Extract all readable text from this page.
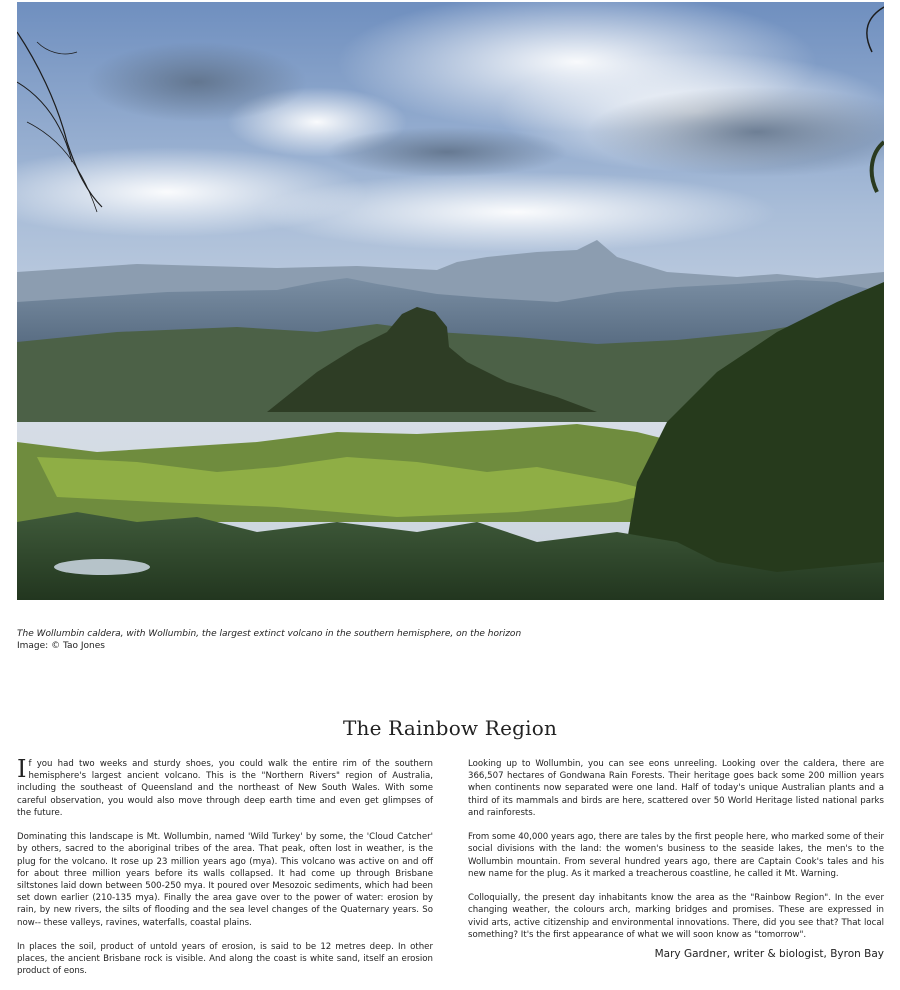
The Wollumbin caldera, with Wollumbin, the largest extinct volcano in the southern hemisphere, on the horizon
Image: © Tao Jones
The Rainbow Region

If you had two weeks and sturdy shoes, you could walk the entire rim of the southern hemisphere's largest ancient volcano. This is the "Northern Rivers" region of Australia, including the southeast of Queensland and the northeast of New South Wales. With some careful observation, you would also move through deep earth time and even get glimpses of the future.

Dominating this landscape is Mt. Wollumbin, named 'Wild Turkey' by some, the 'Cloud Catcher' by others, sacred to the aboriginal tribes of the area. That peak, often lost in weather, is the plug for the volcano. It rose up 23 million years ago (mya). This volcano was active on and off for about three million years before its walls collapsed. It had come up through Brisbane siltstones laid down between 500-250 mya. It poured over Mesozoic sediments, which had been set down earlier (210-135 mya). Finally the area gave over to the power of water: erosion by rain, by new rivers, the silts of flooding and the sea level changes of the Quaternary years. So now-- these valleys, ravines, waterfalls, coastal plains.

In places the soil, product of untold years of erosion, is said to be 12 metres deep. In other places, the ancient Brisbane rock is visible. And along the coast is white sand, itself an erosion product of eons.

Looking up to Wollumbin, you can see eons unreeling. Looking over the caldera, there are 366,507 hectares of Gondwana Rain Forests. Their heritage goes back some 200 million years when continents now separated were one land. Half of today's unique Australian plants and a third of its mammals and birds are here, scattered over 50 World Heritage listed national parks and rainforests.

From some 40,000 years ago, there are tales by the first people here, who marked some of their social divisions with the land: the women's business to the seaside lakes, the men's to the Wollumbin mountain. From several hundred years ago, there are Captain Cook's tales and his new name for the plug. As it marked a treacherous coastline, he called it Mt. Warning.

Colloquially, the present day inhabitants know the area as the "Rainbow Region". In the ever changing weather, the colours arch, marking bridges and promises. These are expressed in vivid arts, active citizenship and environmental innovations. There, did you see that? That local something? It's the first appearance of what we will soon know as "tomorrow".

Mary Gardner, writer & biologist, Byron Bay
